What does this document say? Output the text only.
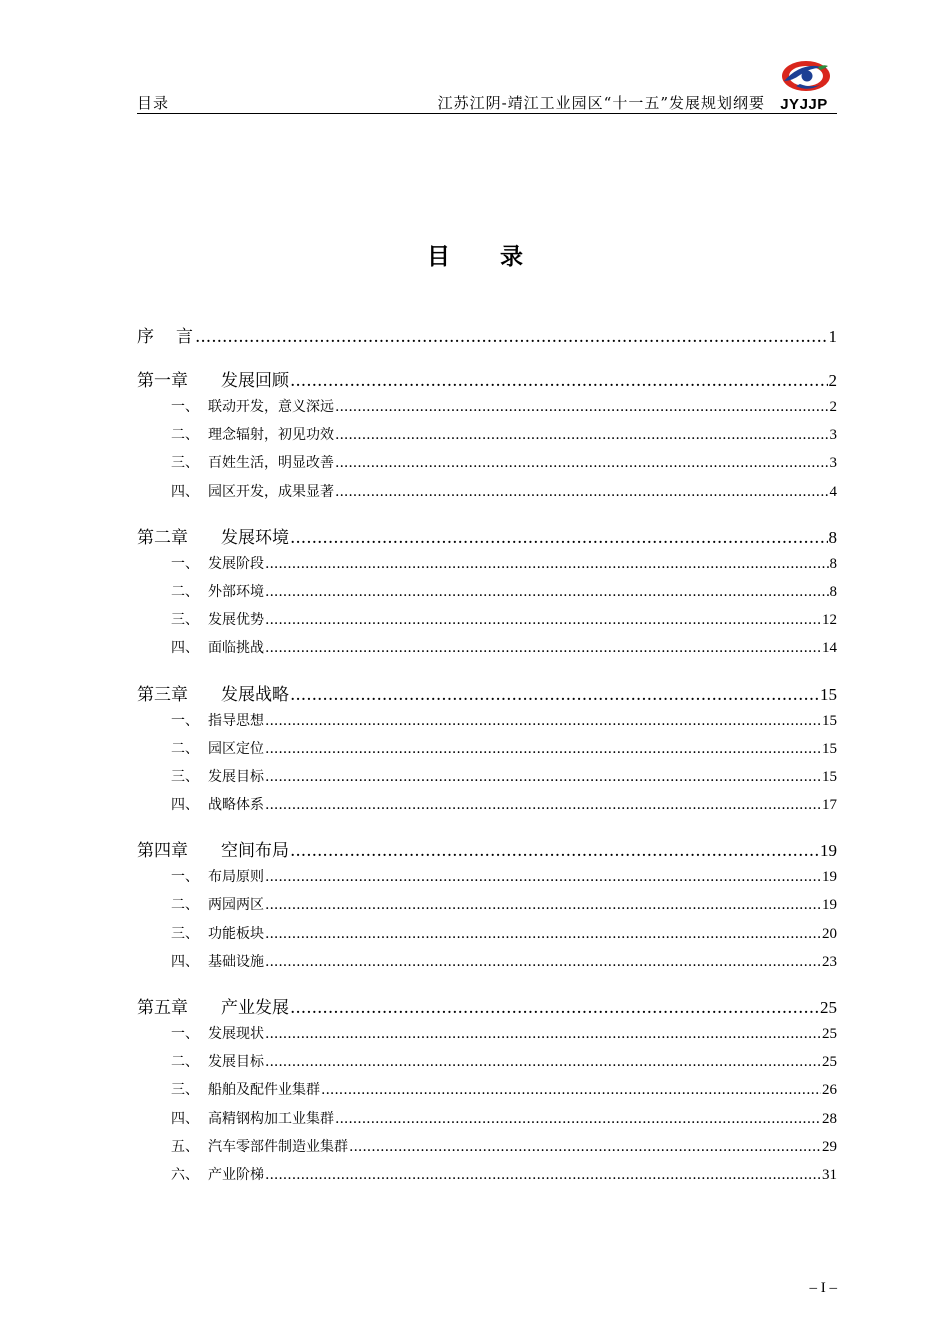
目录	江苏江阴-靖江工业园区“十一五”发展规划纲要	JYJJP
目录
序言 .....	1
第一章	发展回顾 .....	2
一、 联动开发，意义深远 .....	2
二、 理念辐射，初见功效 .....	3
三、 百姓生活，明显改善 .....	3
四、 园区开发，成果显著 .....	4
第二章	发展环境 .....	8
一、 发展阶段 .....	8
二、 外部环境 .....	8
三、 发展优势 .....	12
四、 面临挑战 .....	14
第三章	发展战略 .....	15
一、 指导思想 .....	15
二、 园区定位 .....	15
三、 发展目标 .....	15
四、 战略体系 .....	17
第四章	空间布局 .....	19
一、 布局原则 .....	19
二、 两园两区 .....	19
三、 功能板块 .....	20
四、 基础设施 .....	23
第五章	产业发展 .....	25
一、 发展现状 .....	25
二、 发展目标 .....	25
三、 船舶及配件业集群 .....	26
四、 高精钢构加工业集群 .....	28
五、 汽车零部件制造业集群 .....	29
六、 产业阶梯 .....	31
– I –
